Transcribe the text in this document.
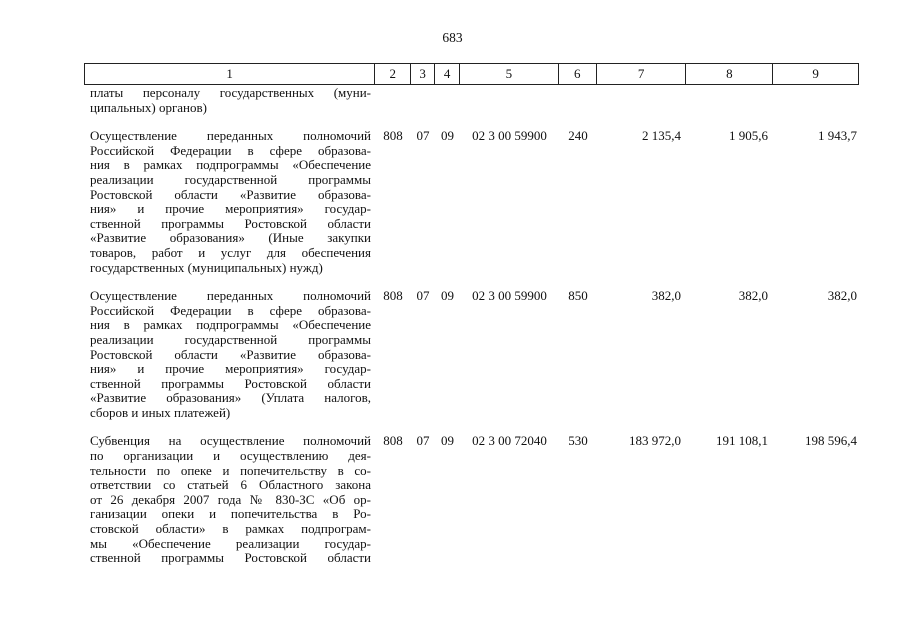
683
1	2	3	4	5	6	7	8	9
платы персоналу государственных (муни-
ципальных) органов)
Осуществление переданных полномочий
Российской Федерации в сфере образова-
ния в рамках подпрограммы «Обеспечение
реализации государственной программы
Ростовской области «Развитие образова-
ния» и прочие мероприятия» государ-
ственной программы Ростовской области
«Развитие образования» (Иные закупки
товаров, работ и услуг для обеспечения
государственных (муниципальных) нужд)
808	07 09	02 3 00 59900	240	2 135,4	1 905,6	1 943,7
Осуществление переданных полномочий
Российской Федерации в сфере образова-
ния в рамках подпрограммы «Обеспечение
реализации государственной программы
Ростовской области «Развитие образова-
ния» и прочие мероприятия» государ-
ственной программы Ростовской области
«Развитие образования» (Уплата налогов,
сборов и иных платежей)
808	07 09	02 3 00 59900	850	382,0	382,0	382,0
Субвенция на осуществление полномочий
по организации и осуществлению дея-
тельности по опеке и попечительству в со-
ответствии со статьей 6 Областного закона
от 26 декабря 2007 года № 830-ЗС «Об ор-
ганизации опеки и попечительства в Ро-
стовской области» в рамках подпрограм-
мы «Обеспечение реализации государ-
ственной программы Ростовской области
808	07 09	02 3 00 72040	530	183 972,0	191 108,1	198 596,4
